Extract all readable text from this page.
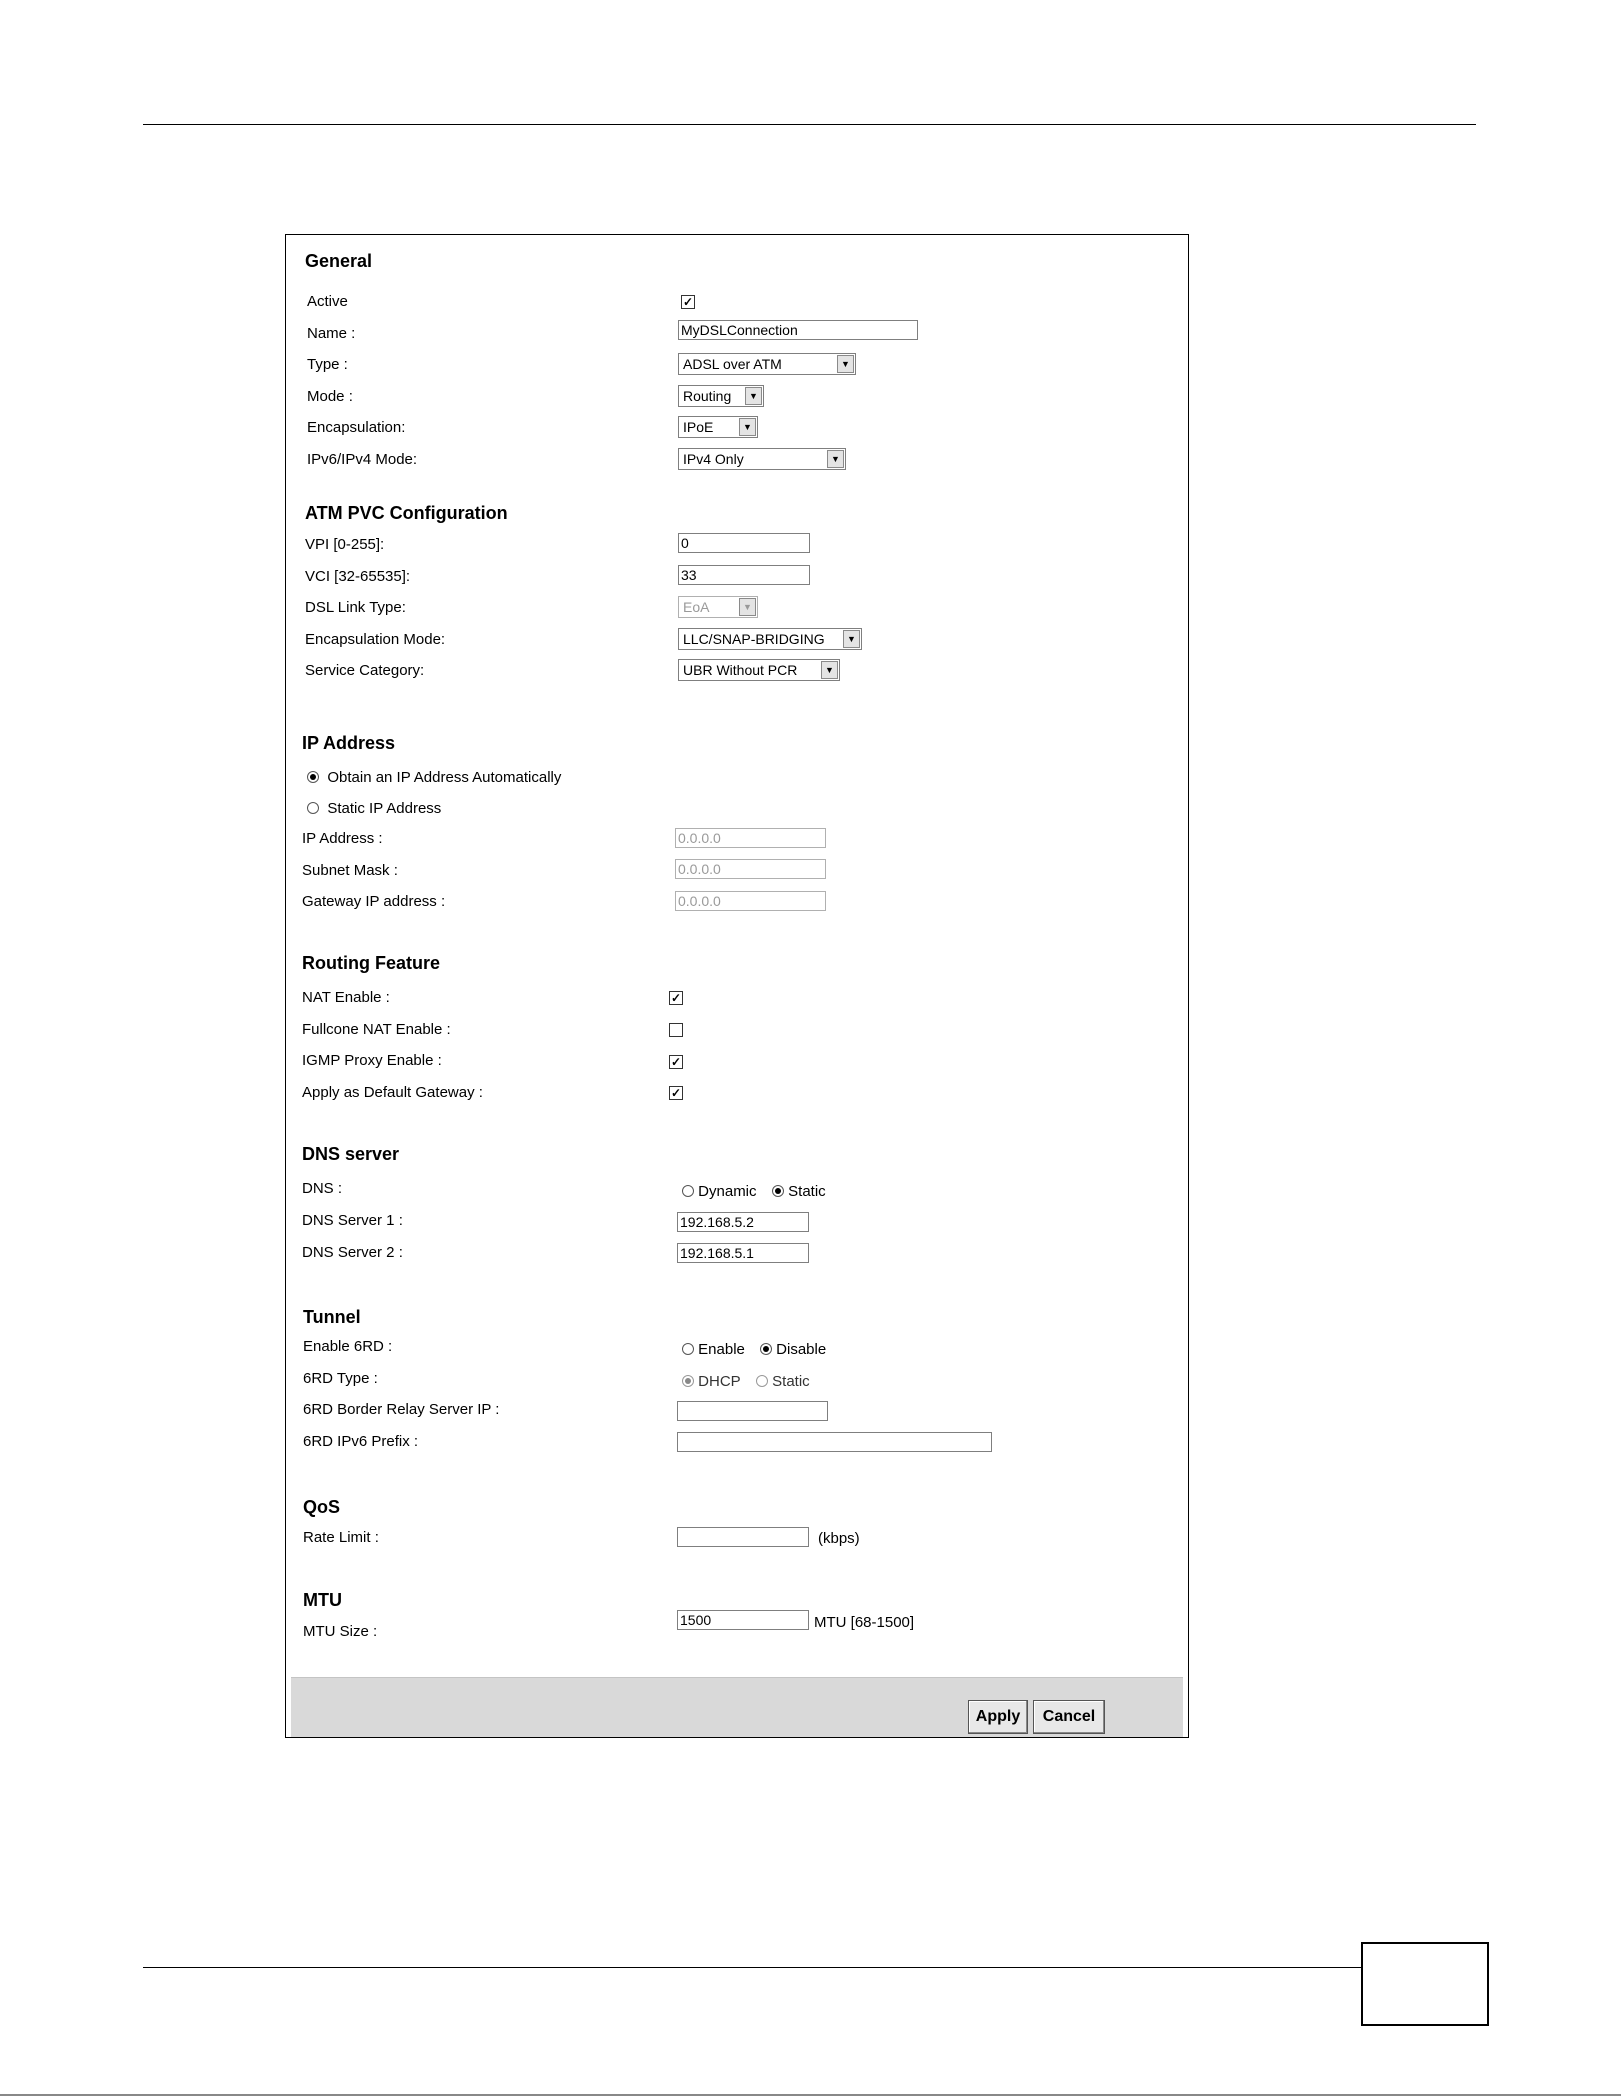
General
Active	✓
Name :
MyDSLConnection
Type :	ADSL over ATM	▼
Mode :	Routing	▼
Encapsulation:	IPoE	▼
IPv6/IPv4 Mode:	IPv4 Only	▼
ATM PVC Configuration
VPI [0-255]:
0
VCI [32-65535]:
33
DSL Link Type:	EoA	▼
Encapsulation Mode:	LLC/SNAP-BRIDGING	▼
Service Category:	UBR Without PCR	▼
IP Address
Obtain an IP Address Automatically
Static IP Address
IP Address :
0.0.0.0
Subnet Mask :
0.0.0.0
Gateway IP address :
0.0.0.0
Routing Feature
NAT Enable :	✓
Fullcone NAT Enable :
IGMP Proxy Enable :	✓
Apply as Default Gateway :	✓
DNS server
DNS :	Dynamic	Static
DNS Server 1 :
192.168.5.2
DNS Server 2 :
192.168.5.1
Tunnel
Enable 6RD :	Enable	Disable
6RD Type :	DHCP	Static
6RD Border Relay Server IP :
6RD IPv6 Prefix :
QoS
Rate Limit :	(kbps)
MTU
MTU Size :
1500
MTU [68-1500]
Apply	Cancel
